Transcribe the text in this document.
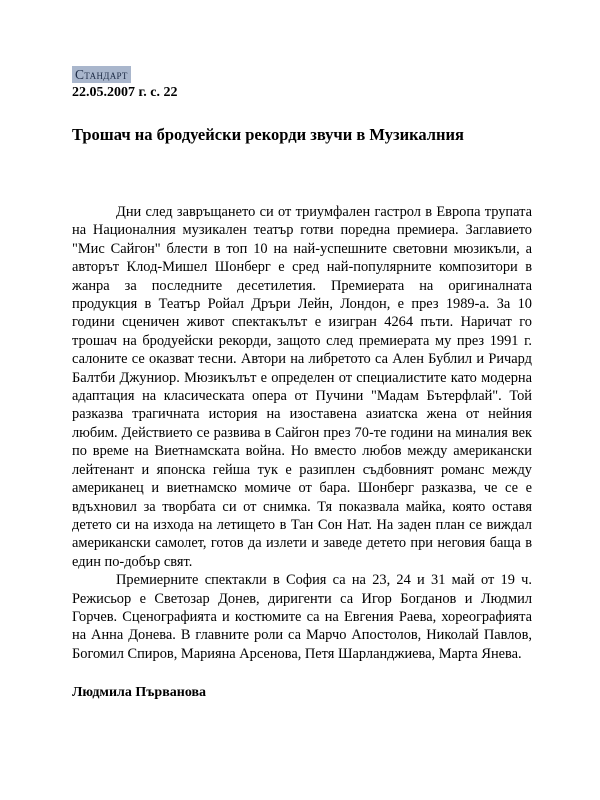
Стандарт
22.05.2007 г. с. 22
Трошач на бродуейски рекорди звучи в Музикалния

Дни след завръщането си от триумфален гастрол в Европа трупата на Националния музикален театър готви поредна премиера. Заглавието "Мис Сайгон" блести в топ 10 на най-успешните световни мюзикъли, а авторът Клод-Мишел Шонберг е сред най-популярните композитори в жанра за последните десетилетия. Премиерата на оригиналната продукция в Театър Ройал Дръри Лейн, Лондон, е през 1989-а. За 10 години сценичен живот спектакълът е изигран 4264 пъти. Наричат го трошач на бродуейски рекорди, защото след премиерата му през 1991 г. салоните се оказват тесни. Автори на либретото са Ален Бублил и Ричард Балтби Джуниор. Мюзикълът е определен от специалистите като модерна адаптация на класическата опера от Пучини "Мадам Бътерфлай". Той разказва трагичната история на изоставена азиатска жена от нейния любим. Действието се развива в Сайгон през 70-те години на миналия век по време на Виетнамската война. Но вместо любов между американски лейтенант и японска гейша тук е разиплен съдбовният романс между американец и виетнамско момиче от бара. Шонберг разказва, че се е вдъхновил за творбата си от снимка. Тя показвала майка, която оставя детето си на изхода на летището в Тан Сон Нат. На заден план се виждал американски самолет, готов да излети и заведе детето при неговия баща в един по-добър свят.

Премиерните спектакли в София са на 23, 24 и 31 май от 19 ч. Режисьор е Светозар Донев, диригенти са Игор Богданов и Людмил Горчев. Сценографията и костюмите са на Евгения Раева, хореографията на Анна Донева. В главните роли са Марчо Апостолов, Николай Павлов, Богомил Спиров, Марияна Арсенова, Петя Шарланджиева, Марта Янева.

Людмила Първанова
